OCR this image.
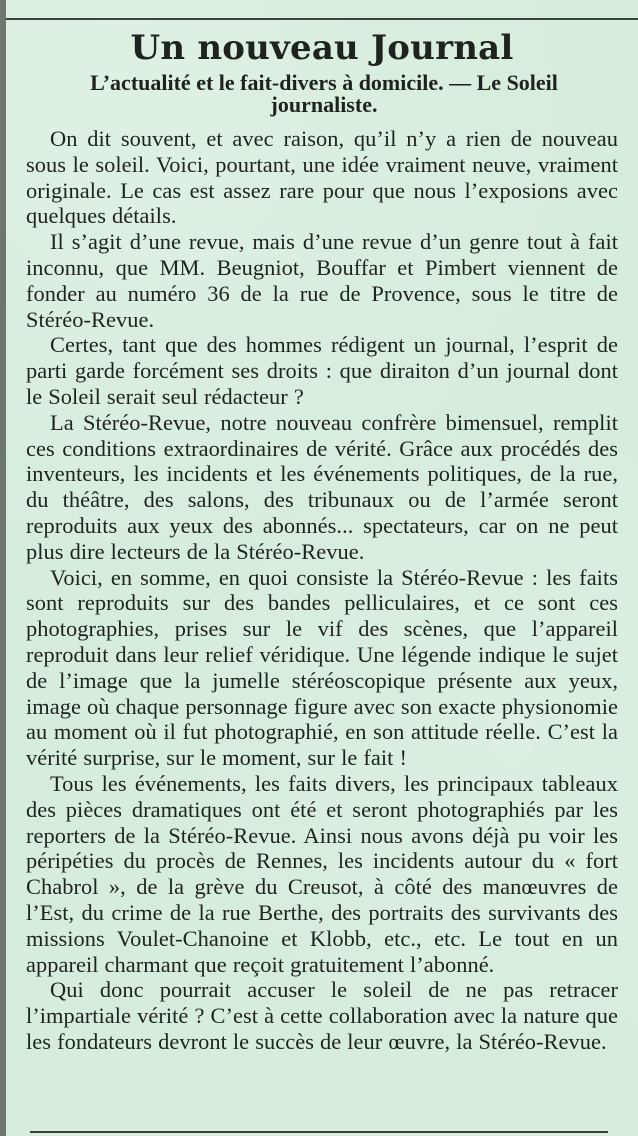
Un nouveau Journal
L’actualité et le fait-divers à domicile. — Le Soleil journaliste.

On dit souvent, et avec raison, qu’il n’y a rien de nouveau sous le soleil. Voici, pourtant, une idée vraiment neuve, vraiment originale. Le cas est assez rare pour que nous l’exposions avec quelques détails.

Il s’agit d’une revue, mais d’une revue d’un genre tout à fait inconnu, que MM. Beugniot, Bouffar et Pimbert viennent de fonder au numéro 36 de la rue de Provence, sous le titre de Stéréo-Revue.

Certes, tant que des hommes rédigent un journal, l’esprit de parti garde forcément ses droits : que diraiton d’un journal dont le Soleil serait seul rédacteur ?

La Stéréo-Revue, notre nouveau confrère bimensuel, remplit ces conditions extraordinaires de vérité. Grâce aux procédés des inventeurs, les incidents et les événements politiques, de la rue, du théâtre, des salons, des tribunaux ou de l’armée seront reproduits aux yeux des abonnés... spectateurs, car on ne peut plus dire lecteurs de la Stéréo-Revue.

Voici, en somme, en quoi consiste la Stéréo-Revue : les faits sont reproduits sur des bandes pelliculaires, et ce sont ces photographies, prises sur le vif des scènes, que l’appareil reproduit dans leur relief véridique. Une légende indique le sujet de l’image que la jumelle stéréoscopique présente aux yeux, image où chaque personnage figure avec son exacte physionomie au moment où il fut photographié, en son attitude réelle. C’est la vérité surprise, sur le moment, sur le fait !

Tous les événements, les faits divers, les principaux tableaux des pièces dramatiques ont été et seront photographiés par les reporters de la Stéréo-Revue. Ainsi nous avons déjà pu voir les péripéties du procès de Rennes, les incidents autour du « fort Chabrol », de la grève du Creusot, à côté des manœuvres de l’Est, du crime de la rue Berthe, des portraits des survivants des missions Voulet-Chanoine et Klobb, etc., etc. Le tout en un appareil charmant que reçoit gratuitement l’abonné.

Qui donc pourrait accuser le soleil de ne pas retracer l’impartiale vérité ? C’est à cette collaboration avec la nature que les fondateurs devront le succès de leur œuvre, la Stéréo-Revue.
